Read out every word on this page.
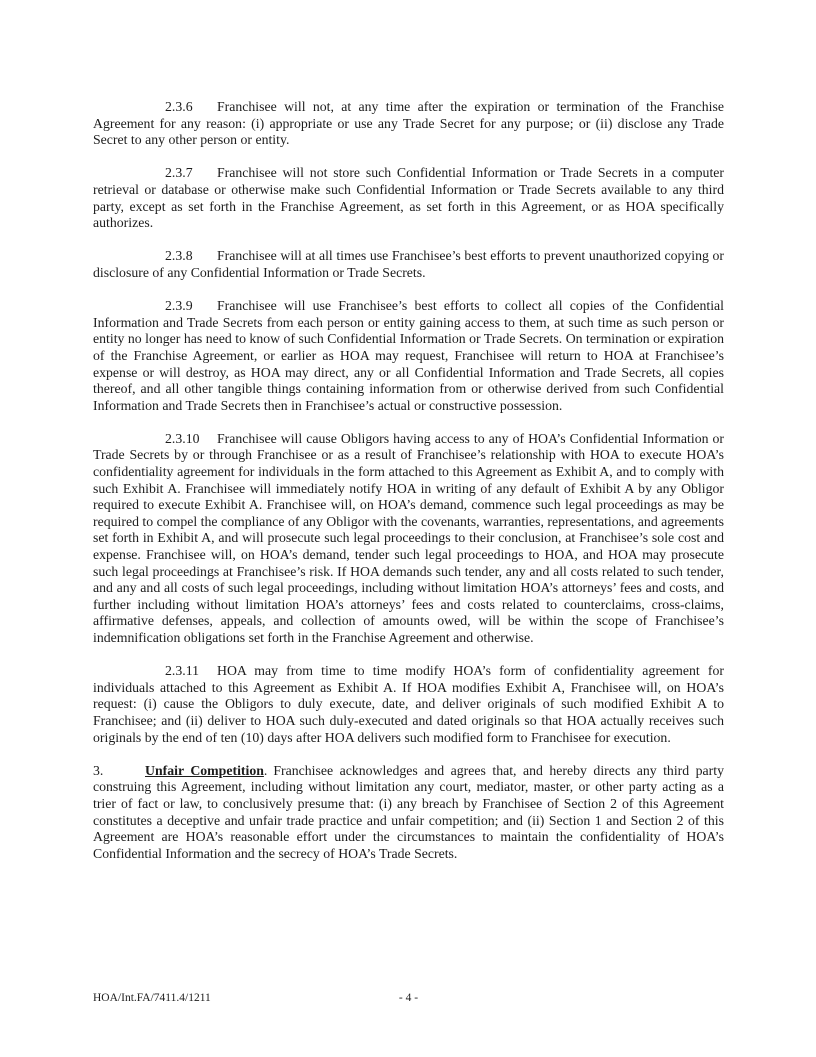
2.3.6 Franchisee will not, at any time after the expiration or termination of the Franchise Agreement for any reason: (i) appropriate or use any Trade Secret for any purpose; or (ii) disclose any Trade Secret to any other person or entity.

2.3.7 Franchisee will not store such Confidential Information or Trade Secrets in a computer retrieval or database or otherwise make such Confidential Information or Trade Secrets available to any third party, except as set forth in the Franchise Agreement, as set forth in this Agreement, or as HOA specifically authorizes.

2.3.8 Franchisee will at all times use Franchisee’s best efforts to prevent unauthorized copying or disclosure of any Confidential Information or Trade Secrets.

2.3.9 Franchisee will use Franchisee’s best efforts to collect all copies of the Confidential Information and Trade Secrets from each person or entity gaining access to them, at such time as such person or entity no longer has need to know of such Confidential Information or Trade Secrets. On termination or expiration of the Franchise Agreement, or earlier as HOA may request, Franchisee will return to HOA at Franchisee’s expense or will destroy, as HOA may direct, any or all Confidential Information and Trade Secrets, all copies thereof, and all other tangible things containing information from or otherwise derived from such Confidential Information and Trade Secrets then in Franchisee’s actual or constructive possession.

2.3.10 Franchisee will cause Obligors having access to any of HOA’s Confidential Information or Trade Secrets by or through Franchisee or as a result of Franchisee’s relationship with HOA to execute HOA’s confidentiality agreement for individuals in the form attached to this Agreement as Exhibit A, and to comply with such Exhibit A. Franchisee will immediately notify HOA in writing of any default of Exhibit A by any Obligor required to execute Exhibit A. Franchisee will, on HOA’s demand, commence such legal proceedings as may be required to compel the compliance of any Obligor with the covenants, warranties, representations, and agreements set forth in Exhibit A, and will prosecute such legal proceedings to their conclusion, at Franchisee’s sole cost and expense. Franchisee will, on HOA’s demand, tender such legal proceedings to HOA, and HOA may prosecute such legal proceedings at Franchisee’s risk. If HOA demands such tender, any and all costs related to such tender, and any and all costs of such legal proceedings, including without limitation HOA’s attorneys’ fees and costs, and further including without limitation HOA’s attorneys’ fees and costs related to counterclaims, cross-claims, affirmative defenses, appeals, and collection of amounts owed, will be within the scope of Franchisee’s indemnification obligations set forth in the Franchise Agreement and otherwise.

2.3.11 HOA may from time to time modify HOA’s form of confidentiality agreement for individuals attached to this Agreement as Exhibit A. If HOA modifies Exhibit A, Franchisee will, on HOA’s request: (i) cause the Obligors to duly execute, date, and deliver originals of such modified Exhibit A to Franchisee; and (ii) deliver to HOA such duly-executed and dated originals so that HOA actually receives such originals by the end of ten (10) days after HOA delivers such modified form to Franchisee for execution.

3.	Unfair Competition. Franchisee acknowledges and agrees that, and hereby directs any third party construing this Agreement, including without limitation any court, mediator, master, or other party acting as a trier of fact or law, to conclusively presume that: (i) any breach by Franchisee of Section 2 of this Agreement constitutes a deceptive and unfair trade practice and unfair competition; and (ii) Section 1 and Section 2 of this Agreement are HOA’s reasonable effort under the circumstances to maintain the confidentiality of HOA’s Confidential Information and the secrecy of HOA’s Trade Secrets.

HOA/Int.FA/7411.4/1211	- 4 -
